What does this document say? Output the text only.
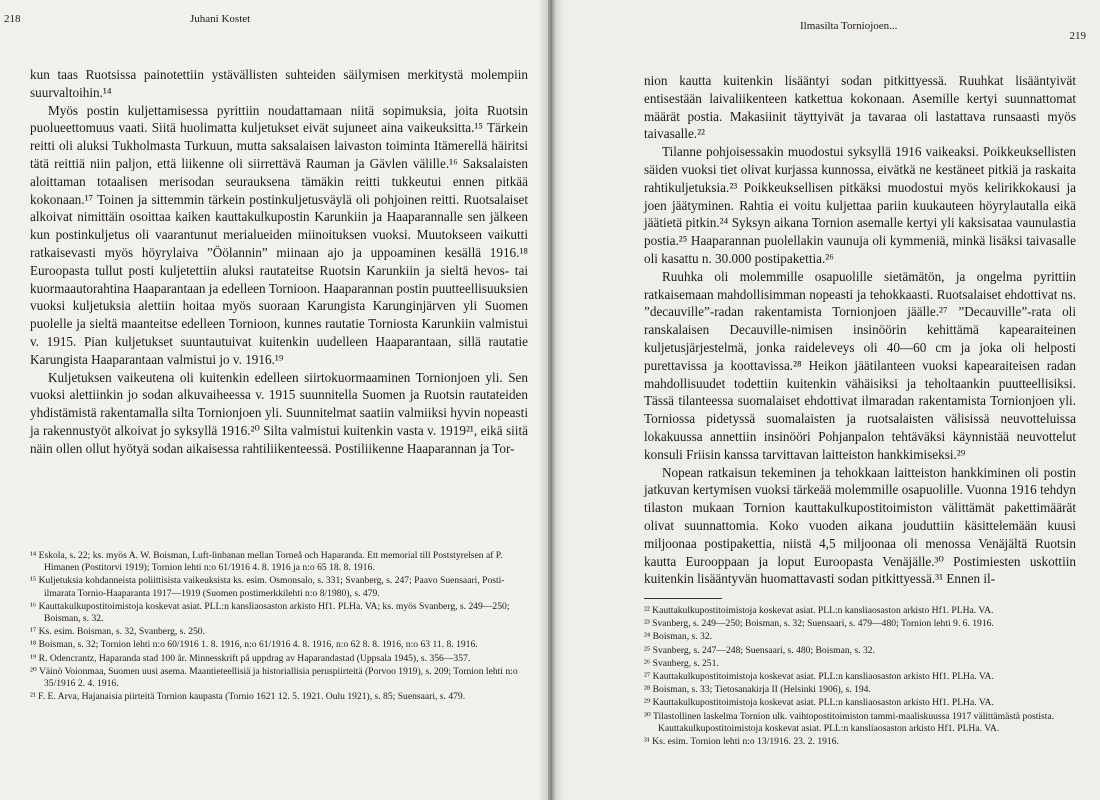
218	Juhani Kostet

kun taas Ruotsissa painotettiin ystävällisten suhteiden säilymisen merkitystä molempiin suurvaltoihin.¹⁴

Myös postin kuljettamisessa pyrittiin noudattamaan niitä sopimuksia, joita Ruotsin puolueettomuus vaati. Siitä huolimatta kuljetukset eivät sujuneet aina vaikeuksitta.¹⁵ Tärkein reitti oli aluksi Tukholmasta Turkuun, mutta saksalaisen laivaston toiminta Itämerellä häiritsi tätä reittiä niin paljon, että liikenne oli siirrettävä Rauman ja Gävlen välille.¹⁶ Saksalaisten aloittaman totaalisen merisodan seurauksena tämäkin reitti tukkeutui ennen pitkää kokonaan.¹⁷ Toinen ja sittemmin tärkein postinkuljetusväylä oli pohjoinen reitti. Ruotsalaiset alkoivat nimittäin osoittaa kaiken kauttakulkupostin Karunkiin ja Haaparannalle sen jälkeen kun postinkuljetus oli vaarantunut merialueiden miinoituksen vuoksi. Muutokseen vaikutti ratkaisevasti myös höyrylaiva ”Öölannin” miinaan ajo ja uppoaminen kesällä 1916.¹⁸ Euroopasta tullut posti kuljetettiin aluksi rautateitse Ruotsin Karunkiin ja sieltä hevos- tai kuormaautorahtina Haaparantaan ja edelleen Tornioon. Haaparannan postin puutteellisuuksien vuoksi kuljetuksia alettiin hoitaa myös suoraan Karungista Karunginjärven yli Suomen puolelle ja sieltä maanteitse edelleen Tornioon, kunnes rautatie Torniosta Karunkiin valmistui v. 1915. Pian kuljetukset suuntautuivat kuitenkin uudelleen Haaparantaan, sillä rautatie Karungista Haaparantaan valmistui jo v. 1916.¹⁹

Kuljetuksen vaikeutena oli kuitenkin edelleen siirtokuormaaminen Tornionjoen yli. Sen vuoksi alettiinkin jo sodan alkuvaiheessa v. 1915 suunnitella Suomen ja Ruotsin rautateiden yhdistämistä rakentamalla silta Tornionjoen yli. Suunnitelmat saatiin valmiiksi hyvin nopeasti ja rakennustyöt alkoivat jo syksyllä 1916.²⁰ Silta valmistui kuitenkin vasta v. 1919²¹, eikä siitä näin ollen ollut hyötyä sodan aikaisessa rahtiliikenteessä. Postiliikenne Haaparannan ja Tor-

¹⁴ Eskola, s. 22; ks. myös A. W. Boisman, Luft-linbanan mellan Torneå och Haparanda. Ett memorial till Poststyrelsen af P. Himanen (Postitorvi 1919); Tornion lehti n:o 61/1916 4. 8. 1916 ja n:o 65 18. 8. 1916.
¹⁵ Kuljetuksia kohdanneista poliittisista vaikeuksista ks. esim. Osmonsalo, s. 331; Svanberg, s. 247; Paavo Suensaari, Posti-ilmarata Tornio-Haaparanta 1917—1919 (Suomen postimerkkilehti n:o 8/1980), s. 479.
¹⁶ Kauttakulkupostitoimistoja koskevat asiat. PLL:n kansliaosaston arkisto Hf1. PLHa. VA; ks. myös Svanberg, s. 249—250; Boisman, s. 32.
¹⁷ Ks. esim. Boisman, s. 32, Svanberg, s. 250.
¹⁸ Boisman, s. 32; Tornion lehti n:o 60/1916 1. 8. 1916, n:o 61/1916 4. 8. 1916, n:o 62 8. 8. 1916, n:o 63 11. 8. 1916.
¹⁹ R. Odencrantz, Haparanda stad 100 år. Minnesskrift på uppdrag av Haparandastad (Uppsala 1945), s. 356—357.
²⁰ Väinö Voionmaa, Suomen uusi asema. Maantieteellisiä ja historiallisia peruspiirteitä (Porvoo 1919), s. 209; Tornion lehti n:o 35/1916 2. 4. 1916.
²¹ F. E. Arva, Hajanaisia piirteitä Tornion kaupasta (Tornio 1621 12. 5. 1921. Oulu 1921), s. 85; Suensaari, s. 479.
Ilmasilta Torniojoen...
219

nion kautta kuitenkin lisääntyi sodan pitkittyessä. Ruuhkat lisääntyivät entisestään laivaliikenteen katkettua kokonaan. Asemille kertyi suunnattomat määrät postia. Makasiinit täyttyivät ja tavaraa oli lastattava runsaasti myös taivasalle.²²

Tilanne pohjoisessakin muodostui syksyllä 1916 vaikeaksi. Poikkeuksellisten säiden vuoksi tiet olivat kurjassa kunnossa, eivätkä ne kestäneet pitkiä ja raskaita rahtikuljetuksia.²³ Poikkeuksellisen pitkäksi muodostui myös kelirikkokausi ja joen jäätyminen. Rahtia ei voitu kuljettaa pariin kuukauteen höyrylautalla eikä jäätietä pitkin.²⁴ Syksyn aikana Tornion asemalle kertyi yli kaksisataa vaunulastia postia.²⁵ Haaparannan puolellakin vaunuja oli kymmeniä, minkä lisäksi taivasalle oli kasattu n. 30.000 postipakettia.²⁶

Ruuhka oli molemmille osapuolille sietämätön, ja ongelma pyrittiin ratkaisemaan mahdollisimman nopeasti ja tehokkaasti. Ruotsalaiset ehdottivat ns. ”decauville”-radan rakentamista Tornionjoen jäälle.²⁷ ”Decauville”-rata oli ranskalaisen Decauville-nimisen insinöörin kehittämä kapearaiteinen kuljetusjärjestelmä, jonka raideleveys oli 40—60 cm ja joka oli helposti purettavissa ja koottavissa.²⁸ Heikon jäätilanteen vuoksi kapearaiteisen radan mahdollisuudet todettiin kuitenkin vähäisiksi ja teholtaankin puutteellisiksi. Tässä tilanteessa suomalaiset ehdottivat ilmaradan rakentamista Tornionjoen yli. Torniossa pidetyssä suomalaisten ja ruotsalaisten välisissä neuvotteluissa lokakuussa annettiin insinööri Pohjanpalon tehtäväksi käynnistää neuvottelut konsuli Friisin kanssa tarvittavan laitteiston hankkimiseksi.²⁹

Nopean ratkaisun tekeminen ja tehokkaan laitteiston hankkiminen oli postin jatkuvan kertymisen vuoksi tärkeää molemmille osapuolille. Vuonna 1916 tehdyn tilaston mukaan Tornion kauttakulkupostitoimiston välittämät pakettimäärät olivat suunnattomia. Koko vuoden aikana jouduttiin käsittelemään kuusi miljoonaa postipakettia, niistä 4,5 miljoonaa oli menossa Venäjältä Ruotsin kautta Eurooppaan ja loput Euroopasta Venäjälle.³⁰ Postimiesten uskottiin kuitenkin lisääntyvän huomattavasti sodan pitkittyessä.³¹ Ennen il-

²² Kauttakulkupostitoimistoja koskevat asiat. PLL:n kansliaosaston arkisto Hf1. PLHa. VA.
²³ Svanberg, s. 249—250; Boisman, s. 32; Suensaari, s. 479—480; Tornion lehti 9. 6. 1916.
²⁴ Boisman, s. 32.
²⁵ Svanberg, s. 247—248; Suensaari, s. 480; Boisman, s. 32.
²⁶ Svanberg, s. 251.
²⁷ Kauttakulkupostitoimistoja koskevat asiat. PLL:n kansliaosaston arkisto Hf1. PLHa. VA.
²⁸ Boisman, s. 33; Tietosanakirja II (Helsinki 1906), s. 194.
²⁹ Kauttakulkupostitoimistoja koskevat asiat. PLL:n kansliaosaston arkisto Hf1. PLHa. VA.
³⁰ Tilastollinen laskelma Tornion ulk. vaihtopostitoimiston tammi-maaliskuussa 1917 välittämästä postista. Kauttakulkupostitoimistoja koskevat asiat. PLL:n kansliaosaston arkisto Hf1. PLHa. VA.
³¹ Ks. esim. Tornion lehti n:o 13/1916. 23. 2. 1916.
